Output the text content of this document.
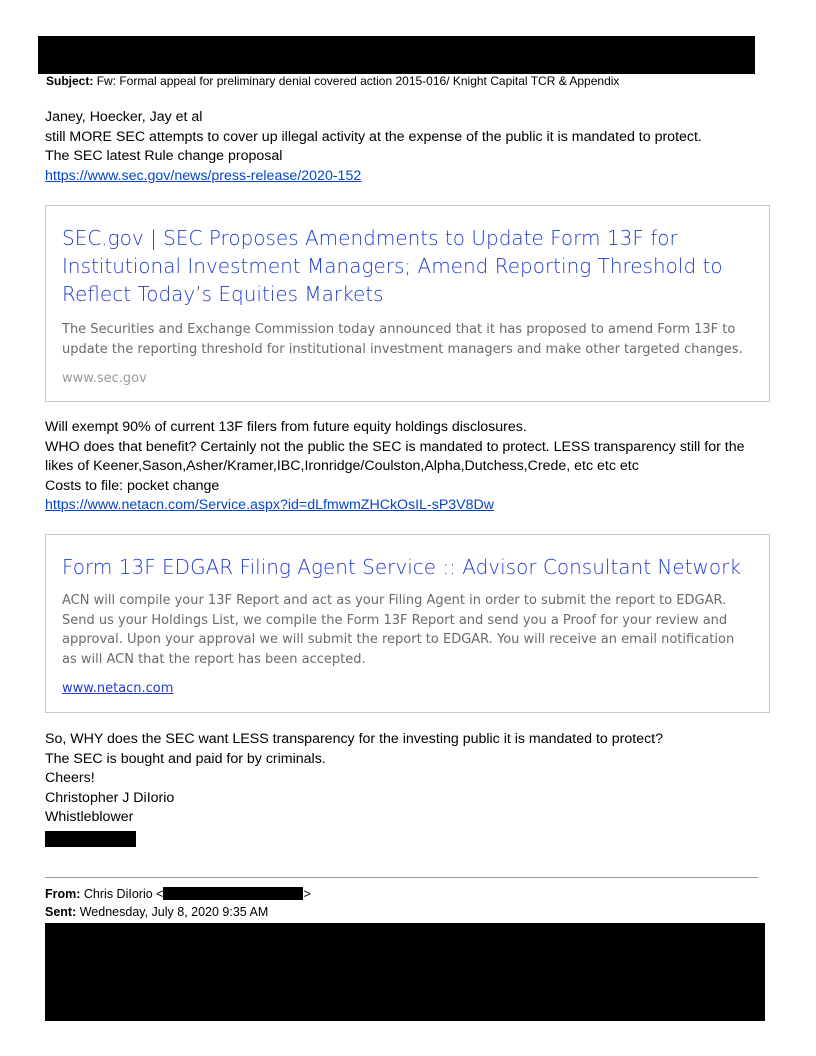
Subject: Fw: Formal appeal for preliminary denial covered action 2015-016/ Knight Capital TCR & Appendix
Janey, Hoecker, Jay et al
still MORE SEC attempts to cover up illegal activity at the expense of the public it is mandated to protect.
The SEC latest Rule change proposal
https://www.sec.gov/news/press-release/2020-152

SEC.gov | SEC Proposes Amendments to Update Form 13F for Institutional Investment Managers; Amend Reporting Threshold to Reflect Today’s Equities Markets

The Securities and Exchange Commission today announced that it has proposed to amend Form 13F to update the reporting threshold for institutional investment managers and make other targeted changes.

www.sec.gov

Will exempt 90% of current 13F filers from future equity holdings disclosures.
WHO does that benefit? Certainly not the public the SEC is mandated to protect. LESS transparency still for the likes of Keener,Sason,Asher/Kramer,IBC,Ironridge/Coulston,Alpha,Dutchess,Crede, etc etc etc
Costs to file: pocket change
https://www.netacn.com/Service.aspx?id=dLfmwmZHCkOsIL-sP3V8Dw

Form 13F EDGAR Filing Agent Service :: Advisor Consultant Network

ACN will compile your 13F Report and act as your Filing Agent in order to submit the report to EDGAR. Send us your Holdings List, we compile the Form 13F Report and send you a Proof for your review and approval. Upon your approval we will submit the report to EDGAR. You will receive an email notification as will ACN that the report has been accepted.

www.netacn.com

So, WHY does the SEC want LESS transparency for the investing public it is mandated to protect?
The SEC is bought and paid for by criminals.
Cheers!
Christopher J DiIorio
Whistleblower
From: Chris DiIorio <	>
Sent: Wednesday, July 8, 2020 9:35 AM
